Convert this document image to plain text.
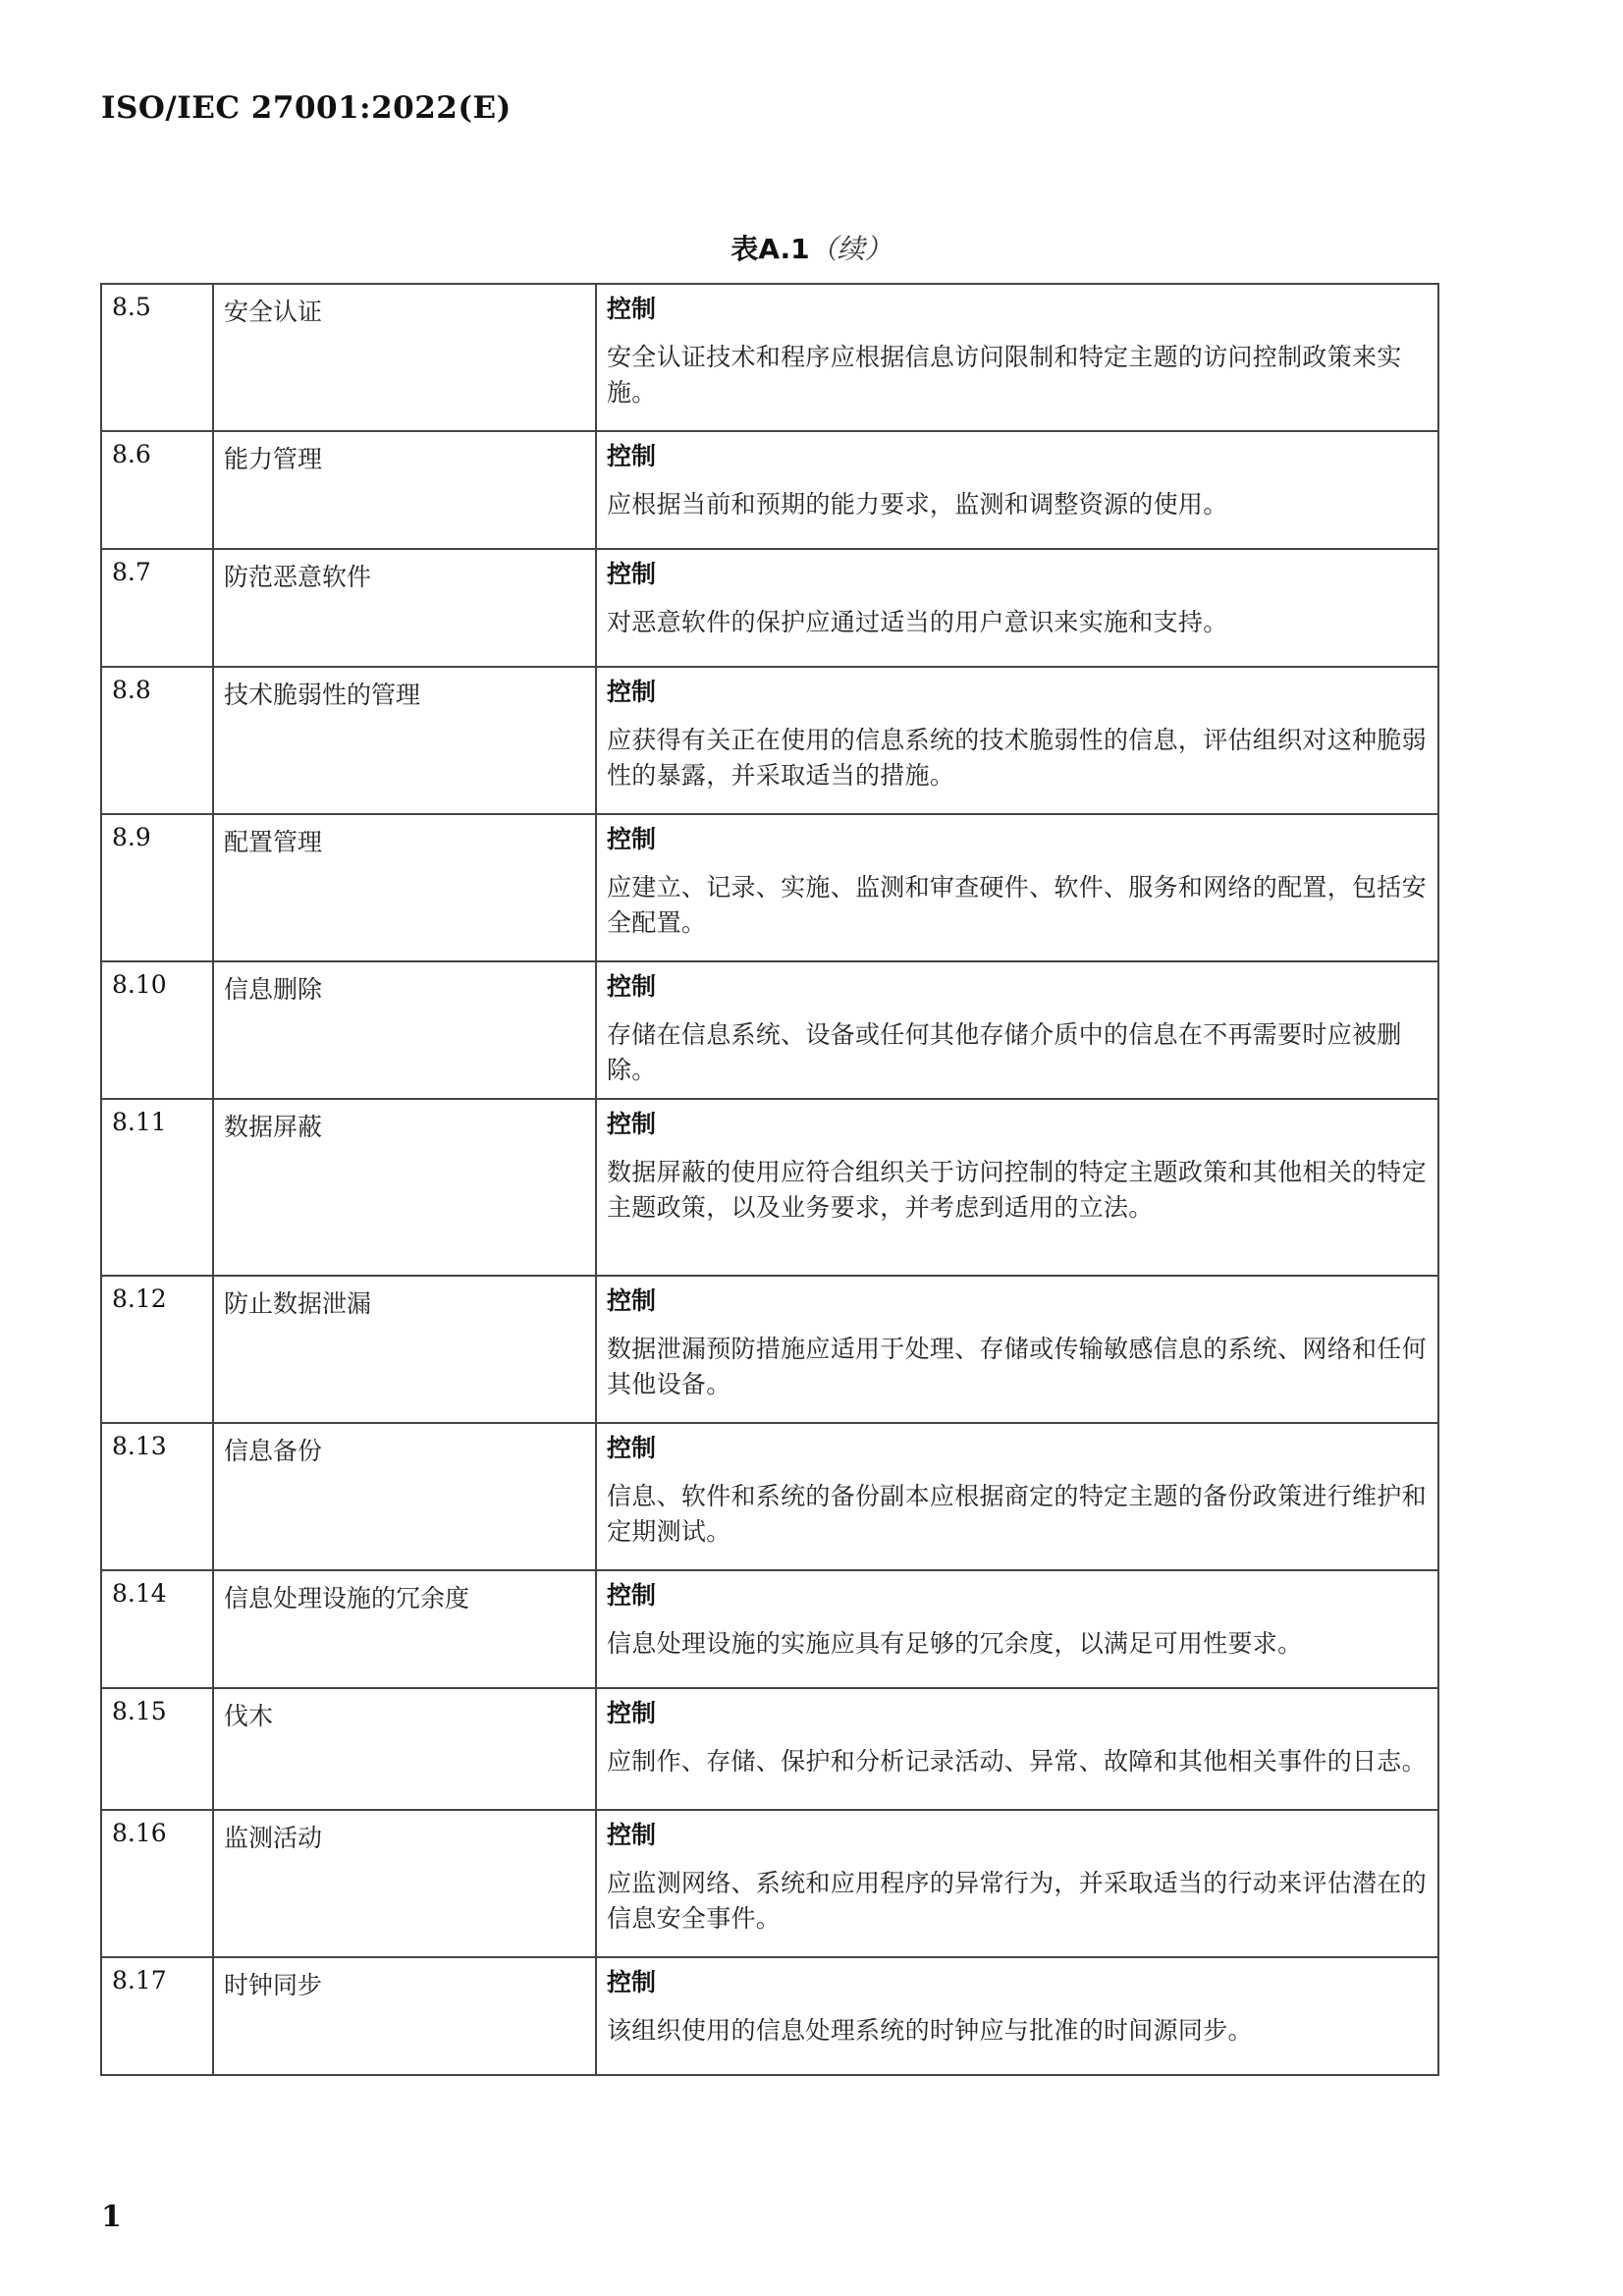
ISO/IEC 27001:2022(E)
表A.1（续）
8.5	安全认证	控制
安全认证技术和程序应根据信息访问限制和特定主题的访问控制政策来实施。

8.6	能力管理	控制
应根据当前和预期的能力要求，监测和调整资源的使用。

8.7	防范恶意软件	控制
对恶意软件的保护应通过适当的用户意识来实施和支持。

8.8	技术脆弱性的管理	控制
应获得有关正在使用的信息系统的技术脆弱性的信息，评估组织对这种脆弱性的暴露，并采取适当的措施。

8.9	配置管理	控制
应建立、记录、实施、监测和审查硬件、软件、服务和网络的配置，包括安全配置。

8.10	信息删除	控制
存储在信息系统、设备或任何其他存储介质中的信息在不再需要时应被删除。

8.11	数据屏蔽	控制
数据屏蔽的使用应符合组织关于访问控制的特定主题政策和其他相关的特定主题政策，以及业务要求，并考虑到适用的立法。

8.12	防止数据泄漏	控制
数据泄漏预防措施应适用于处理、存储或传输敏感信息的系统、网络和任何其他设备。

8.13	信息备份	控制
信息、软件和系统的备份副本应根据商定的特定主题的备份政策进行维护和定期测试。

8.14	信息处理设施的冗余度	控制
信息处理设施的实施应具有足够的冗余度，以满足可用性要求。

8.15	伐木	控制
应制作、存储、保护和分析记录活动、异常、故障和其他相关事件的日志。

8.16	监测活动	控制
应监测网络、系统和应用程序的异常行为，并采取适当的行动来评估潜在的信息安全事件。

8.17	时钟同步	控制
该组织使用的信息处理系统的时钟应与批准的时间源同步。
1
